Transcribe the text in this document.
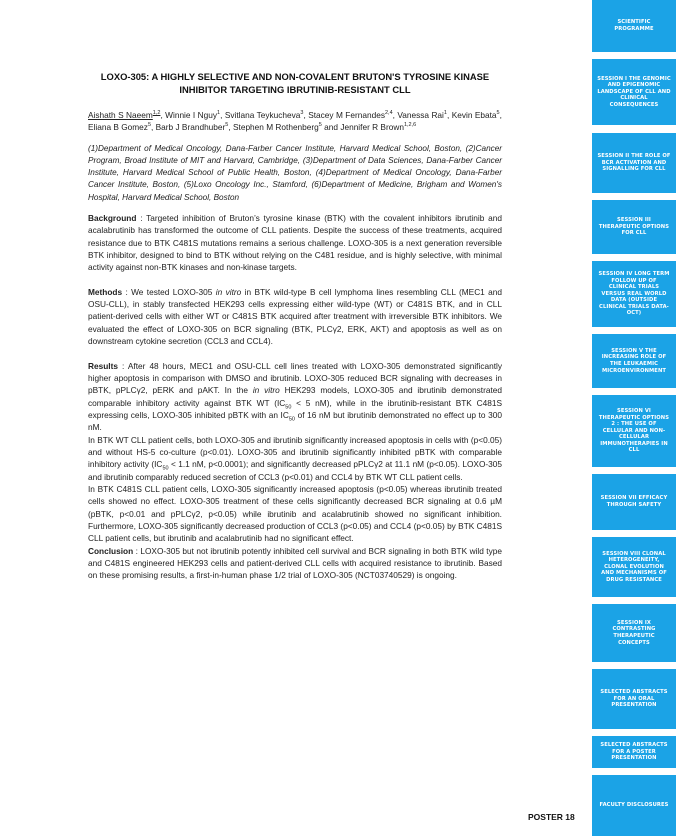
SCIENTIFIC PROGRAMME
SESSION I THE GENOMIC AND EPIGENOMIC LANDSCAPE OF CLL AND CLINICAL CONSEQUENCES
SESSION II THE ROLE OF BCR ACTIVATION AND SIGNALLING FOR CLL
SESSION III THERAPEUTIC OPTIONS FOR CLL
SESSION IV LONG TERM FOLLOW UP OF CLINICAL TRIALS VERSUS REAL WORLD DATA (OUTSIDE CLINICAL TRIALS DATA-OCT)
SESSION V THE INCREASING ROLE OF THE LEUKAEMIC MICROENVIRONMENT
SESSION VI THERAPEUTIC OPTIONS 2 : THE USE OF CELLULAR AND NON-CELLULAR IMMUNOTHERAPIES IN CLL
SESSION VII EFFICACY THROUGH SAFETY
SESSION VIII CLONAL HETEROGENEITY, CLONAL EVOLUTION AND MECHANISMS OF DRUG RESISTANCE
SESSION IX CONTRASTING THERAPEUTIC CONCEPTS
SELECTED ABSTRACTS FOR AN ORAL PRESENTATION
SELECTED ABSTRACTS FOR A POSTER PRESENTATION
FACULTY DISCLOSURES
LOXO-305: A HIGHLY SELECTIVE AND NON-COVALENT BRUTON'S TYROSINE KINASE
INHIBITOR TARGETING IBRUTINIB-RESISTANT CLL

Aishath S Naeem$^{1,2}$, Winnie I Nguy$^1$, Svitlana Teykucheva$^3$, Stacey M Fernandes$^{2,4}$, Vanessa Rai$^1$, Kevin Ebata$^5$, Eliana B Gomez$^5$, Barb J Brandhuber$^5$, Stephen M Rothenberg$^5$ and Jennifer R Brown$^{1,2,6}$

(1)Department of Medical Oncology, Dana-Farber Cancer Institute, Harvard Medical School, Boston, (2)Cancer Program, Broad Institute of MIT and Harvard, Cambridge, (3)Department of Data Sciences, Dana-Farber Cancer Institute, Harvard Medical School of Public Health, Boston, (4)Department of Medical Oncology, Dana-Farber Cancer Institute, Boston, (5)Loxo Oncology Inc., Stamford, (6)Department of Medicine, Brigham and Women's Hospital, Harvard Medical School, Boston

Background : Targeted inhibition of Bruton’s tyrosine kinase (BTK) with the covalent inhibitors ibrutinib and acalabrutinib has transformed the outcome of CLL patients. Despite the success of these treatments, acquired resistance due to BTK C481S mutations remains a serious challenge. LOXO-305 is a next generation reversible BTK inhibitor, designed to bind to BTK without relying on the C481 residue, and is highly selective, with minimal activity against non-BTK kinases and non-kinase targets.

Methods : We tested LOXO-305 in vitro in BTK wild-type B cell lymphoma lines resembling CLL (MEC1 and OSU-CLL), in stably transfected HEK293 cells expressing either wild-type (WT) or C481S BTK, and in CLL patient-derived cells with either WT or C481S BTK acquired after treatment with irreversible BTK inhibitors. We evaluated the effect of LOXO-305 on BCR signaling (BTK, PLCγ2, ERK, AKT) and apoptosis as well as on downstream cytokine secretion (CCL3 and CCL4).

Results : After 48 hours, MEC1 and OSU-CLL cell lines treated with LOXO-305 demonstrated significantly higher apoptosis in comparison with DMSO and ibrutinib. LOXO-305 reduced BCR signaling with decreases in pBTK, pPLCγ2, pERK and pAKT. In the in vitro HEK293 models, LOXO-305 and ibrutinib demonstrated comparable inhibitory activity against BTK WT ($IC_{50} < 5$ nM), while in the ibrutinib-resistant BTK C481S expressing cells, LOXO-305 inhibited pBTK with an $IC_{50}$ of 16 nM but ibrutinib demonstrated no effect up to 300 nM.

In BTK WT CLL patient cells, both LOXO-305 and ibrutinib significantly increased apoptosis in cells with (p<0.05) and without HS-5 co-culture (p<0.01). LOXO-305 and ibrutinib significantly inhibited pBTK with comparable inhibitory activity ($IC_{50} < 1.1$ nM, p<0.0001); and significantly decreased pPLCγ2 at 11.1 nM (p<0.05). LOXO-305 and ibrutinib comparably reduced secretion of CCL3 (p<0.01) and CCL4 by BTK WT CLL patient cells.

In BTK C481S CLL patient cells, LOXO-305 significantly increased apoptosis (p<0.05) whereas ibrutinib treated cells showed no effect. LOXO-305 treatment of these cells significantly decreased BCR signaling at 0.6 µM (pBTK, p<0.01 and pPLCγ2, p<0.05) while ibrutinib and acalabrutinib showed no significant inhibition. Furthermore, LOXO-305 significantly decreased production of CCL3 (p<0.05) and CCL4 (p<0.05) by BTK C481S CLL patient cells, but ibrutinib and acalabrutinib had no significant effect.

Conclusion : LOXO-305 but not ibrutinib potently inhibited cell survival and BCR signaling in both BTK wild type and C481S engineered HEK293 cells and patient-derived CLL cells with acquired resistance to ibrutinib. Based on these promising results, a first-in-human phase 1/2 trial of LOXO-305 (NCT03740529) is ongoing.

POSTER 18
